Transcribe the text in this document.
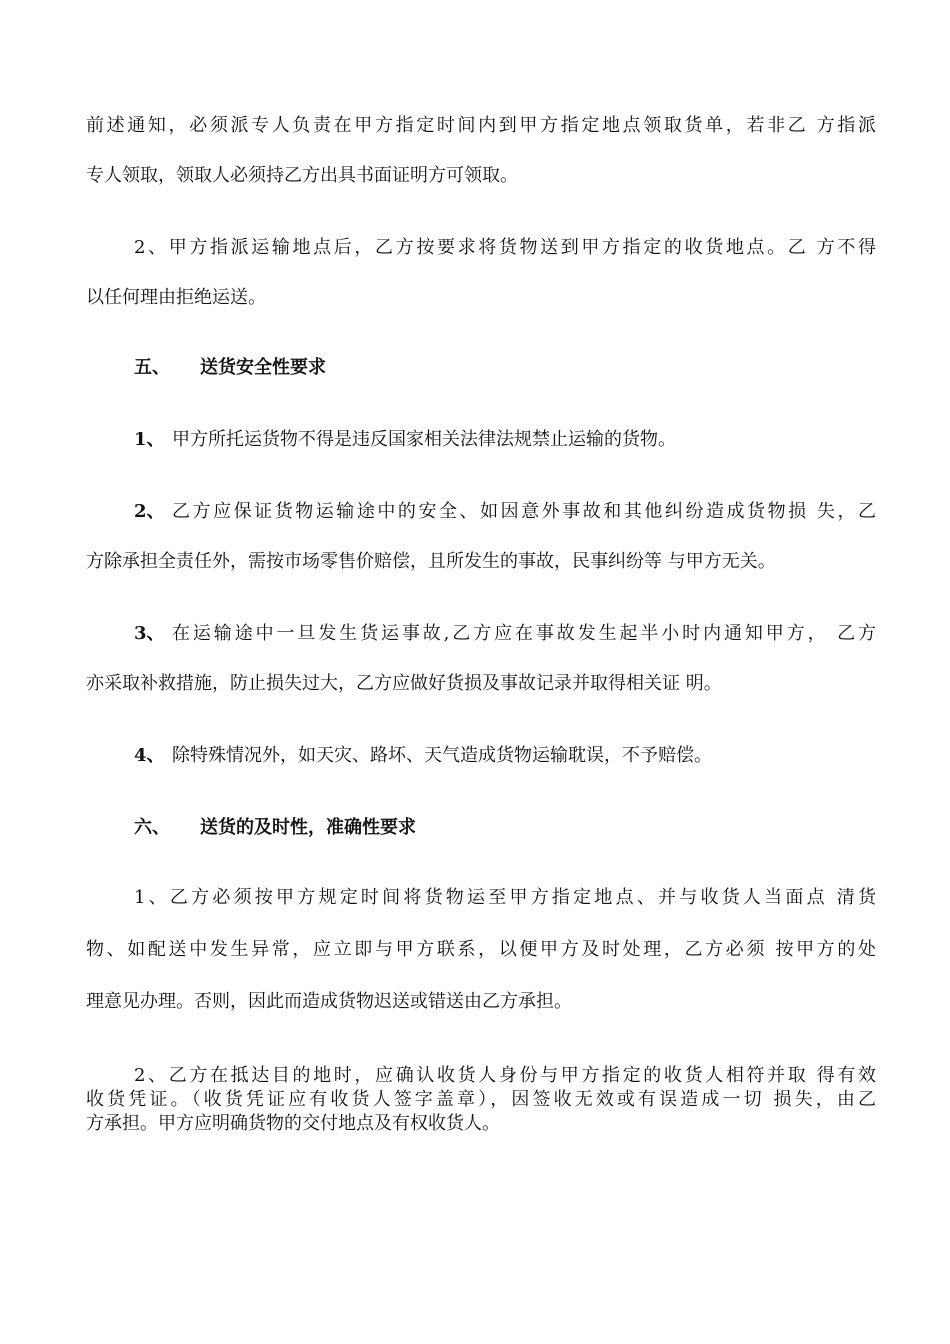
前述通知，必须派专人负责在甲方指定时间内到甲方指定地点领取货单，若非乙 方指派
专人领取，领取人必须持乙方出具书面证明方可领取。
2、甲方指派运输地点后，乙方按要求将货物送到甲方指定的收货地点。乙 方不得
以任何理由拒绝运送。
五、 送货安全性要求
1、 甲方所托运货物不得是违反国家相关法律法规禁止运输的货物。
2、 乙方应保证货物运输途中的安全、如因意外事故和其他纠纷造成货物损 失，乙
方除承担全责任外，需按市场零售价赔偿，且所发生的事故，民事纠纷等 与甲方无关。
3、 在运输途中一旦发生货运事故,乙方应在事故发生起半小时内通知甲方， 乙方
亦采取补救措施，防止损失过大，乙方应做好货损及事故记录并取得相关证 明。
4、 除特殊情况外，如天灾、路坏、天气造成货物运输耽误，不予赔偿。
六、 送货的及时性，准确性要求
1、乙方必须按甲方规定时间将货物运至甲方指定地点、并与收货人当面点 清货
物、如配送中发生异常，应立即与甲方联系，以便甲方及时处理，乙方必须 按甲方的处
理意见办理。否则，因此而造成货物迟送或错送由乙方承担。
2、乙方在抵达目的地时，应确认收货人身份与甲方指定的收货人相符并取 得有效
收货凭证。（收货凭证应有收货人签字盖章），因签收无效或有误造成一切 损失，由乙
方承担。甲方应明确货物的交付地点及有权收货人。
